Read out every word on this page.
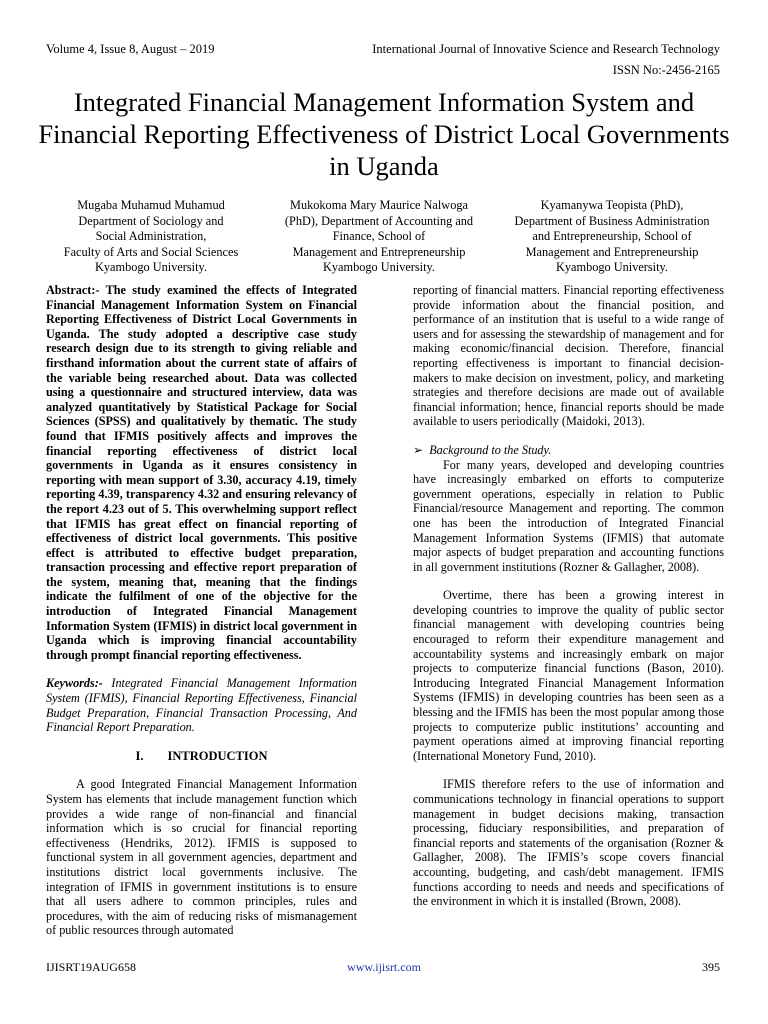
Volume 4, Issue 8, August – 2019	International Journal of Innovative Science and Research Technology
ISSN No:-2456-2165
Integrated Financial Management Information System and Financial Reporting Effectiveness of District Local Governments in Uganda
Mugaba Muhamud Muhamud
Department of Sociology and
Social Administration,
Faculty of Arts and Social Sciences
Kyambogo University.
Mukokoma Mary Maurice Nalwoga
(PhD), Department of Accounting and
Finance, School of
Management and Entrepreneurship
Kyambogo University.
Kyamanywa Teopista (PhD),
Department of Business Administration
and Entrepreneurship, School of
Management and Entrepreneurship
Kyambogo University.

Abstract:- The study examined the effects of Integrated Financial Management Information System on Financial Reporting Effectiveness of District Local Governments in Uganda. The study adopted a descriptive case study research design due to its strength to giving reliable and firsthand information about the current state of affairs of the variable being researched about. Data was collected using a questionnaire and structured interview, data was analyzed quantitatively by Statistical Package for Social Sciences (SPSS) and qualitatively by thematic. The study found that IFMIS positively affects and improves the financial reporting effectiveness of district local governments in Uganda as it ensures consistency in reporting with mean support of 3.30, accuracy 4.19, timely reporting 4.39, transparency 4.32 and ensuring relevancy of the report 4.23 out of 5. This overwhelming support reflect that IFMIS has great effect on financial reporting of effectiveness of district local governments. This positive effect is attributed to effective budget preparation, transaction processing and effective report preparation of the system, meaning that, meaning that the findings indicate the fulfilment of one of the objective for the introduction of Integrated Financial Management Information System (IFMIS) in district local government in Uganda which is improving financial accountability through prompt financial reporting effectiveness.

Keywords:- Integrated Financial Management Information System (IFMIS), Financial Reporting Effectiveness, Financial Budget Preparation, Financial Transaction Processing, And Financial Report Preparation.

I. INTRODUCTION

A good Integrated Financial Management Information System has elements that include management function which provides a wide range of non-financial and financial information which is so crucial for financial reporting effectiveness (Hendriks, 2012). IFMIS is supposed to functional system in all government agencies, department and institutions district local governments inclusive. The integration of IFMIS in government institutions is to ensure that all users adhere to common principles, rules and procedures, with the aim of reducing risks of mismanagement of public resources through automated

reporting of financial matters. Financial reporting effectiveness provide information about the financial position, and performance of an institution that is useful to a wide range of users and for assessing the stewardship of management and for making economic/financial decision. Therefore, financial reporting effectiveness is important to financial decision-makers to make decision on investment, policy, and marketing strategies and therefore decisions are made out of available financial information; hence, financial reports should be made available to users periodically (Maidoki, 2013).

➢ Background to the Study.

For many years, developed and developing countries have increasingly embarked on efforts to computerize government operations, especially in relation to Public Financial/resource Management and reporting. The common one has been the introduction of Integrated Financial Management Information Systems (IFMIS) that automate major aspects of budget preparation and accounting functions in all government institutions (Rozner & Gallagher, 2008).

Overtime, there has been a growing interest in developing countries to improve the quality of public sector financial management with developing countries being encouraged to reform their expenditure management and accountability systems and increasingly embark on major projects to computerize financial functions (Bason, 2010). Introducing Integrated Financial Management Information Systems (IFMIS) in developing countries has been seen as a blessing and the IFMIS has been the most popular among those projects to computerize public institutions’ accounting and payment operations aimed at improving financial reporting (International Monetory Fund, 2010).

IFMIS therefore refers to the use of information and communications technology in financial operations to support management in budget decisions making, transaction processing, fiduciary responsibilities, and preparation of financial reports and statements of the organisation (Rozner & Gallagher, 2008). The IFMIS’s scope covers financial accounting, budgeting, and cash/debt management. IFMIS functions according to needs and needs and specifications of the environment in which it is installed (Brown, 2008).

IJISRT19AUG658	www.ijisrt.com	395
